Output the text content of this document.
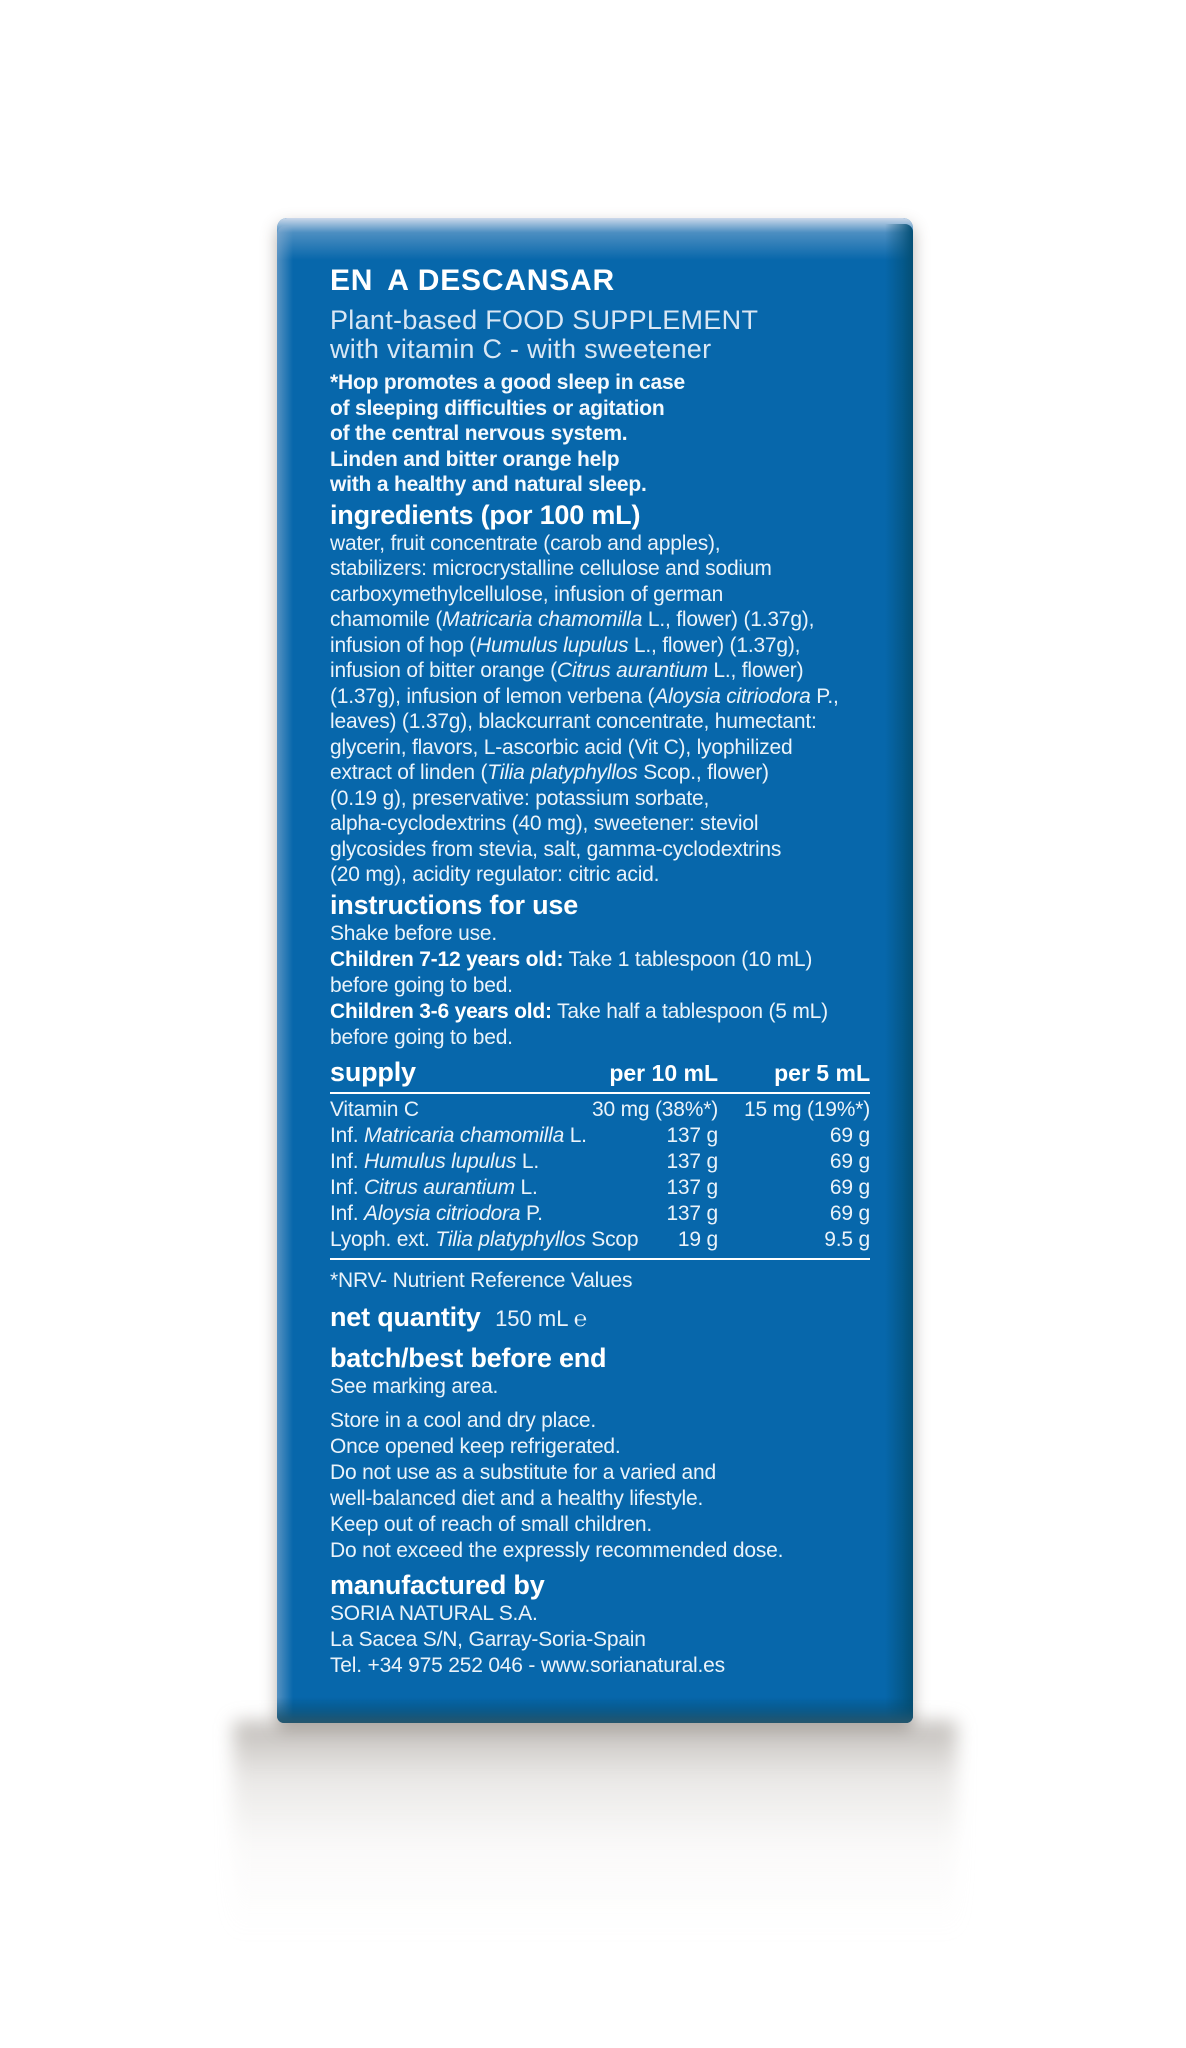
EN A DESCANSAR
Plant-based FOOD SUPPLEMENT
with vitamin C - with sweetener
*Hop promotes a good sleep in case
of sleeping difficulties or agitation
of the central nervous system.
Linden and bitter orange help
with a healthy and natural sleep.
ingredients (por 100 mL)
water, fruit concentrate (carob and apples),
stabilizers: microcrystalline cellulose and sodium
carboxymethylcellulose, infusion of german
chamomile (Matricaria chamomilla L., flower) (1.37g),
infusion of hop (Humulus lupulus L., flower) (1.37g),
infusion of bitter orange (Citrus aurantium L., flower)
(1.37g), infusion of lemon verbena (Aloysia citriodora P.,
leaves) (1.37g), blackcurrant concentrate, humectant:
glycerin, flavors, L-ascorbic acid (Vit C), lyophilized
extract of linden (Tilia platyphyllos Scop., flower)
(0.19 g), preservative: potassium sorbate,
alpha-cyclodextrins (40 mg), sweetener: steviol
glycosides from stevia, salt, gamma-cyclodextrins
(20 mg), acidity regulator: citric acid.
instructions for use
Shake before use.
Children 7-12 years old: Take 1 tablespoon (10 mL)
before going to bed.
Children 3-6 years old: Take half a tablespoon (5 mL)
before going to bed.
supply	per 10 mL	per 5 mL
Vitamin C	30 mg (38%*)	15 mg (19%*)
Inf. Matricaria chamomilla L.	137 g	69 g
Inf. Humulus lupulus L.	137 g	69 g
Inf. Citrus aurantium L.	137 g	69 g
Inf. Aloysia citriodora P.	137 g	69 g
Lyoph. ext. Tilia platyphyllos Scop	19 g	9.5 g
*NRV- Nutrient Reference Values
net quantity 150 mL ℮
batch/best before end
See marking area.
Store in a cool and dry place.
Once opened keep refrigerated.
Do not use as a substitute for a varied and
well-balanced diet and a healthy lifestyle.
Keep out of reach of small children.
Do not exceed the expressly recommended dose.
manufactured by
SORIA NATURAL S.A.
La Sacea S/N, Garray-Soria-Spain
Tel. +34 975 252 046 - www.sorianatural.es
